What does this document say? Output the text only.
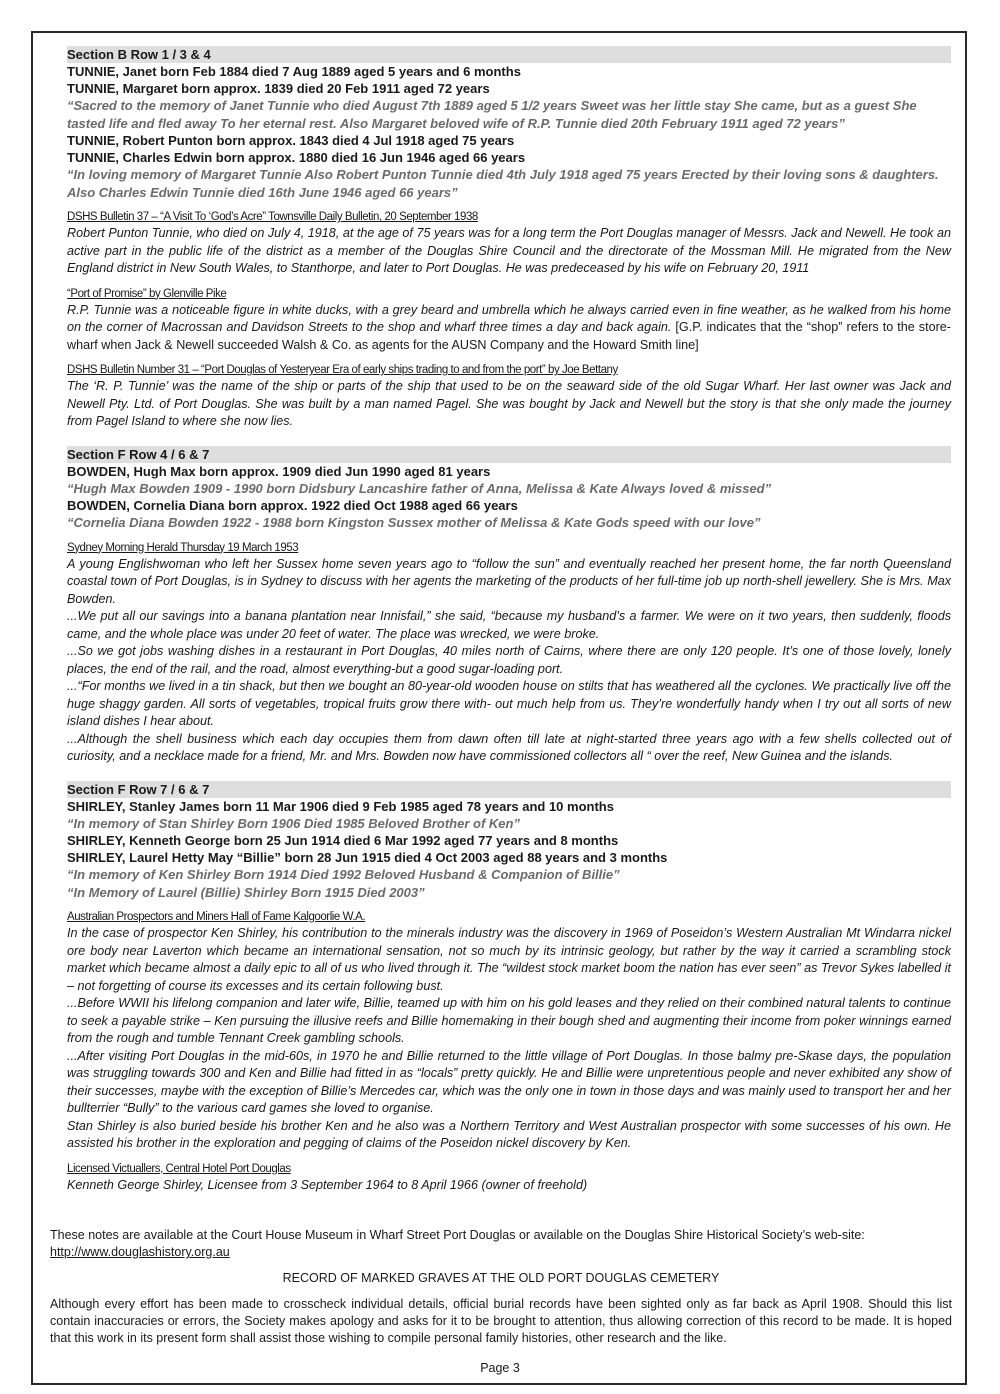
Section B Row 1 / 3 & 4

TUNNIE, Janet born Feb 1884 died 7 Aug 1889 aged 5 years and 6 months

TUNNIE, Margaret born approx. 1839 died 20 Feb 1911 aged 72 years

“Sacred to the memory of Janet Tunnie who died August 7th 1889 aged 5 1/2 years Sweet was her little stay She came, but as a guest She tasted life and fled away To her eternal rest. Also Margaret beloved wife of R.P. Tunnie died 20th February 1911 aged 72 years”

TUNNIE, Robert Punton born approx. 1843 died 4 Jul 1918 aged 75 years

TUNNIE, Charles Edwin born approx. 1880 died 16 Jun 1946 aged 66 years

“In loving memory of Margaret Tunnie Also Robert Punton Tunnie died 4th July 1918 aged 75 years Erected by their loving sons & daughters. Also Charles Edwin Tunnie died 16th June 1946 aged 66 years”

DSHS Bulletin 37 – “A Visit To ‘God’s Acre” Townsville Daily Bulletin, 20 September 1938

Robert Punton Tunnie, who died on July 4, 1918, at the age of 75 years was for a long term the Port Douglas manager of Messrs. Jack and Newell. He took an active part in the public life of the district as a member of the Douglas Shire Council and the directorate of the Mossman Mill. He migrated from the New England district in New South Wales, to Stanthorpe, and later to Port Douglas. He was predeceased by his wife on February 20, 1911

“Port of Promise” by Glenville Pike

R.P. Tunnie was a noticeable figure in white ducks, with a grey beard and umbrella which he always carried even in fine weather, as he walked from his home on the corner of Macrossan and Davidson Streets to the shop and wharf three times a day and back again. [G.P. indicates that the “shop” refers to the store-wharf when Jack & Newell succeeded Walsh & Co. as agents for the AUSN Company and the Howard Smith line]

DSHS Bulletin Number 31 – “Port Douglas of Yesteryear Era of early ships trading to and from the port” by Joe Bettany

The ‘R. P. Tunnie’ was the name of the ship or parts of the ship that used to be on the seaward side of the old Sugar Wharf. Her last owner was Jack and Newell Pty. Ltd. of Port Douglas. She was built by a man named Pagel. She was bought by Jack and Newell but the story is that she only made the journey from Pagel Island to where she now lies.

Section F Row 4 / 6 & 7

BOWDEN, Hugh Max born approx. 1909 died Jun 1990 aged 81 years

“Hugh Max Bowden 1909 - 1990 born Didsbury Lancashire father of Anna, Melissa & Kate Always loved & missed”

BOWDEN, Cornelia Diana born approx. 1922 died Oct 1988 aged 66 years

“Cornelia Diana Bowden 1922 - 1988 born Kingston Sussex mother of Melissa & Kate Gods speed with our love”

Sydney Morning Herald Thursday 19 March 1953

A young Englishwoman who left her Sussex home seven years ago to “follow the sun” and eventually reached her present home, the far north Queensland coastal town of Port Douglas, is in Sydney to discuss with her agents the marketing of the products of her full-time job up north-shell jewellery. She is Mrs. Max Bowden.

...We put all our savings into a banana plantation near Innisfail,” she said, “because my husband’s a farmer. We were on it two years, then suddenly, floods came, and the whole place was under 20 feet of water. The place was wrecked, we were broke.

...So we got jobs washing dishes in a restaurant in Port Douglas, 40 miles north of Cairns, where there are only 120 people. It’s one of those lovely, lonely places, the end of the rail, and the road, almost everything-but a good sugar-loading port.

...“For months we lived in a tin shack, but then we bought an 80-year-old wooden house on stilts that has weathered all the cyclones. We practically live off the huge shaggy garden. All sorts of vegetables, tropical fruits grow there with- out much help from us. They’re wonderfully handy when I try out all sorts of new island dishes I hear about.

...Although the shell business which each day occupies them from dawn often till late at night-started three years ago with a few shells collected out of curiosity, and a necklace made for a friend, Mr. and Mrs. Bowden now have commissioned collectors all “ over the reef, New Guinea and the islands.

Section F Row 7 / 6 & 7

SHIRLEY, Stanley James born 11 Mar 1906 died 9 Feb 1985 aged 78 years and 10 months

“In memory of Stan Shirley Born 1906 Died 1985 Beloved Brother of Ken”

SHIRLEY, Kenneth George born 25 Jun 1914 died 6 Mar 1992 aged 77 years and 8 months

SHIRLEY, Laurel Hetty May “Billie” born 28 Jun 1915 died 4 Oct 2003 aged 88 years and 3 months

“In memory of Ken Shirley Born 1914 Died 1992 Beloved Husband & Companion of Billie”

“In Memory of Laurel (Billie) Shirley Born 1915 Died 2003”

Australian Prospectors and Miners Hall of Fame Kalgoorlie W.A.

In the case of prospector Ken Shirley, his contribution to the minerals industry was the discovery in 1969 of Poseidon’s Western Australian Mt Windarra nickel ore body near Laverton which became an international sensation, not so much by its intrinsic geology, but rather by the way it carried a scrambling stock market which became almost a daily epic to all of us who lived through it. The “wildest stock market boom the nation has ever seen” as Trevor Sykes labelled it – not forgetting of course its excesses and its certain following bust.

...Before WWII his lifelong companion and later wife, Billie, teamed up with him on his gold leases and they relied on their combined natural talents to continue to seek a payable strike – Ken pursuing the illusive reefs and Billie homemaking in their bough shed and augmenting their income from poker winnings earned from the rough and tumble Tennant Creek gambling schools.

...After visiting Port Douglas in the mid-60s, in 1970 he and Billie returned to the little village of Port Douglas. In those balmy pre-Skase days, the population was struggling towards 300 and Ken and Billie had fitted in as “locals” pretty quickly. He and Billie were unpretentious people and never exhibited any show of their successes, maybe with the exception of Billie’s Mercedes car, which was the only one in town in those days and was mainly used to transport her and her bullterrier “Bully” to the various card games she loved to organise.

Stan Shirley is also buried beside his brother Ken and he also was a Northern Territory and West Australian prospector with some successes of his own. He assisted his brother in the exploration and pegging of claims of the Poseidon nickel discovery by Ken.

Licensed Victuallers, Central Hotel Port Douglas

Kenneth George Shirley, Licensee from 3 September 1964 to 8 April 1966 (owner of freehold)

These notes are available at the Court House Museum in Wharf Street Port Douglas or available on the Douglas Shire Historical Society’s web-site: http://www.douglashistory.org.au

RECORD OF MARKED GRAVES AT THE OLD PORT DOUGLAS CEMETERY

Although every effort has been made to crosscheck individual details, official burial records have been sighted only as far back as April 1908. Should this list contain inaccuracies or errors, the Society makes apology and asks for it to be brought to attention, thus allowing correction of this record to be made. It is hoped that this work in its present form shall assist those wishing to compile personal family histories, other research and the like.

Page 3
